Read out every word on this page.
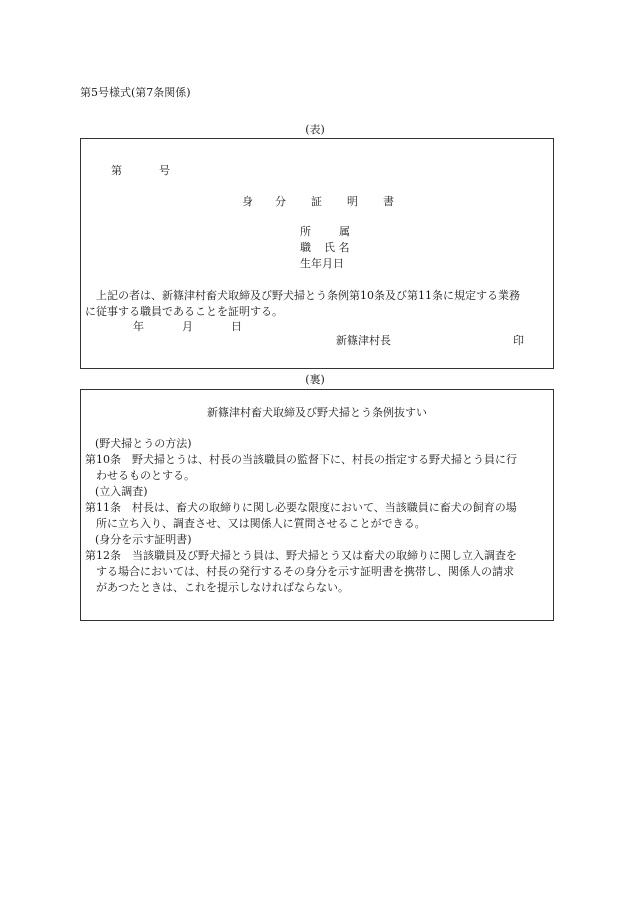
第5号様式(第7条関係)
(表)
第	号
身 分 証 明 書
所	属
職 氏 名
生年月日
上記の者は、新篠津村畜犬取締及び野犬掃とう条例第10条及び第11条に規定する業務
に従事する職員であることを証明する。
年	月	日
新篠津村長	印
(裏)
新篠津村畜犬取締及び野犬掃とう条例抜すい
(野犬掃とうの方法)
第10条　野犬掃とうは、村長の当該職員の監督下に、村長の指定する野犬掃とう員に行
わせるものとする。
(立入調査)
第11条　村長は、畜犬の取締りに関し必要な限度において、当該職員に畜犬の飼育の場
所に立ち入り、調査させ、又は関係人に質問させることができる。
(身分を示す証明書)
第12条　当該職員及び野犬掃とう員は、野犬掃とう又は畜犬の取締りに関し立入調査を
する場合においては、村長の発行するその身分を示す証明書を携帯し、関係人の請求
があつたときは、これを提示しなければならない。
